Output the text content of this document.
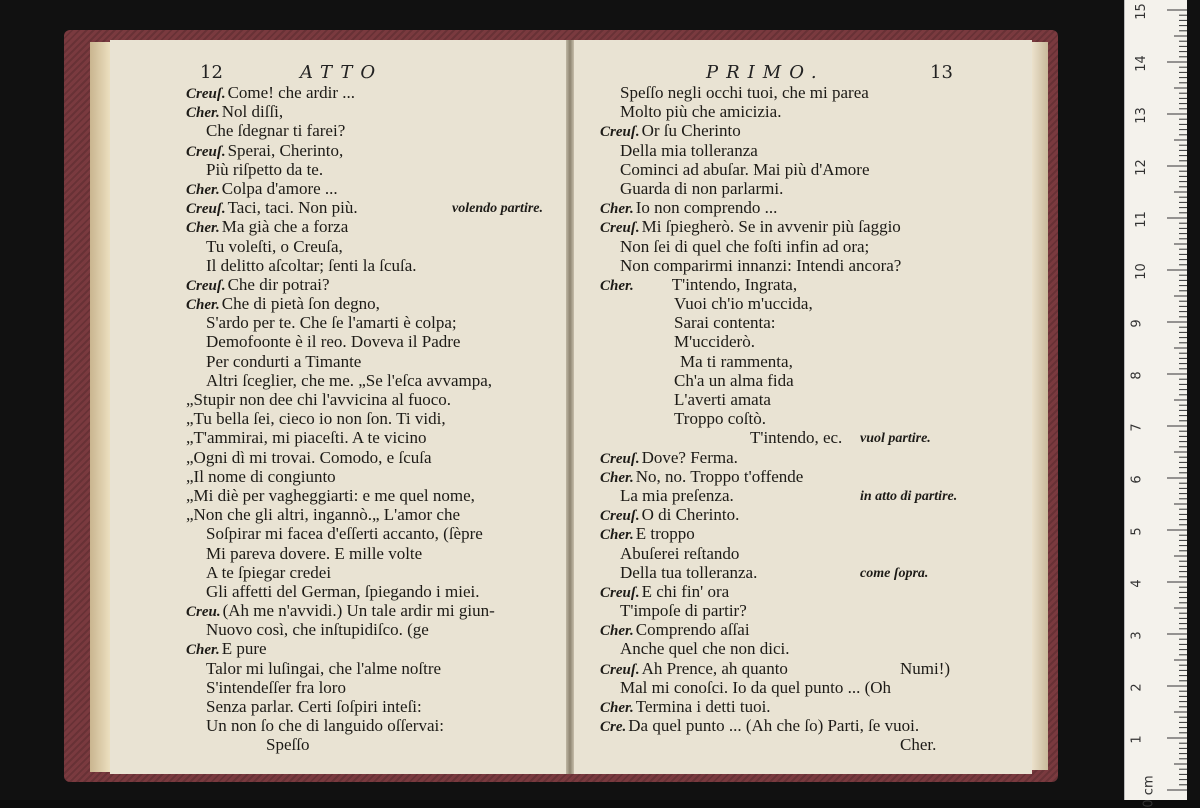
12	ATTO	PRIMO.	13
Creuſ. Come! che ardir ...
Cher. Nol diſſi,
Che ſdegnar ti farei?
Creuſ. Sperai, Cherinto,
Più riſpetto da te.
Cher. Colpa d'amore ...
Creuſ. Taci, taci. Non più.	volendo partire.
Cher. Ma già che a forza
Tu voleſti, o Creuſa,
Il delitto aſcoltar; ſenti la ſcuſa.
Creuſ. Che dir potrai?
Cher. Che di pietà ſon degno,
S'ardo per te. Che ſe l'amarti è colpa;
Demofoonte è il reo. Doveva il Padre
Per condurti a Timante
Altri ſceglier, che me. „Se l'eſca avvampa,
„Stupir non dee chi l'avvicina al fuoco.
„Tu bella ſei, cieco io non ſon. Ti vidi,
„T'ammirai, mi piaceſti. A te vicino
„Ogni dì mi trovai. Comodo, e ſcuſa
„Il nome di congiunto
„Mi diè per vagheggiarti: e me quel nome,
„Non che gli altri, ingannò.„ L'amor che
Soſpirar mi facea d'eſſerti accanto, (ſèpre
Mi pareva dovere. E mille volte
A te ſpiegar credei
Gli affetti del German, ſpiegando i miei.
Creu. (Ah me n'avvidi.) Un tale ardir mi giun-
Nuovo così, che inſtupidiſco. (ge
Cher. E pure
Talor mi luſingai, che l'alme noſtre
S'intendeſſer fra loro
Senza parlar. Certi ſoſpiri inteſi:
Un non ſo che di languido oſſervai:
Speſſo
Speſſo negli occhi tuoi, che mi parea
Molto più che amicizia.
Creuſ. Or ſu Cherinto
Della mia tolleranza
Cominci ad abuſar. Mai più d'Amore
Guarda di non parlarmi.
Cher. Io non comprendo ...
Creuſ. Mi ſpiegherò. Se in avvenir più ſaggio
Non ſei di quel che foſti infin ad ora;
Non comparirmi innanzi: Intendi ancora?
Cher. T'intendo, Ingrata,
Vuoi ch'io m'uccida,
Sarai contenta:
M'ucciderò.
Ma ti rammenta,
Ch'a un alma fida
L'averti amata
Troppo coſtò.
T'intendo, ec. vuol partire.
Creuſ. Dove? Ferma.
Cher. No, no. Troppo t'offende
La mia preſenza.	in atto di partire.
Creuſ. O di Cherinto.
Cher. E troppo
Abuſerei reſtando
Della tua tolleranza.	come ſopra.
Creuſ. E chi fin' ora
T'impoſe di partir?
Cher. Comprendo aſſai
Anche quel che non dici.
Creuſ. Ah Prence, ah quanto	Numi!)
Mal mi conoſci. Io da quel punto ... (Oh
Cher. Termina i detti tuoi.
Cre. Da quel punto ... (Ah che ſo) Parti, ſe vuoi.
Cher.
15
14
13
12
11
10
9
8
7
6
5
4
3
2
1
0 cm
